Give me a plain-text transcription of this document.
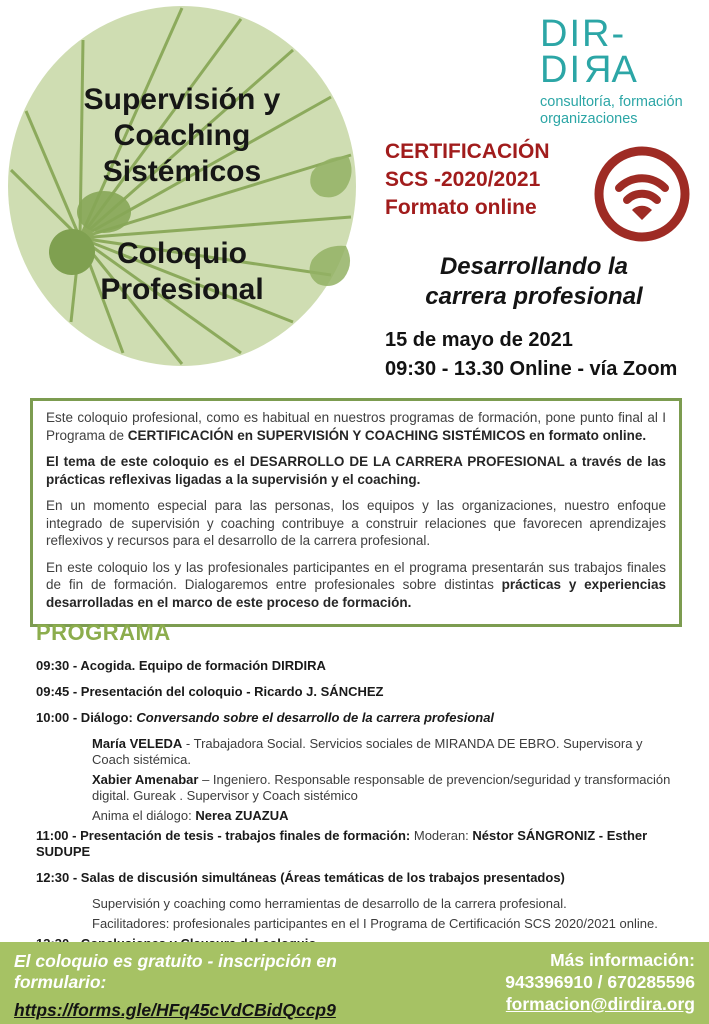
Supervisión y
Coaching
Sistémicos
Coloquio
Profesional
DIR-
DIRA
consultoría, formación
organizaciones
CERTIFICACIÓN
SCS -2020/2021
Formato online
Desarrollando la
carrera profesional
15 de mayo de 2021
09:30 - 13.30 Online - vía Zoom

Este coloquio profesional, como es habitual en nuestros programas de formación, pone punto final al I Programa de CERTIFICACIÓN en SUPERVISIÓN Y COACHING SISTÉMICOS en formato online.

El tema de este coloquio es el DESARROLLO DE LA CARRERA PROFESIONAL a través de las prácticas reflexivas ligadas a la supervisión y el coaching.

En un momento especial para las personas, los equipos y las organizaciones, nuestro enfoque integrado de supervisión y coaching contribuye a construir relaciones que favorecen aprendizajes reflexivos y recursos para el desarrollo de la carrera profesional.

En este coloquio los y las profesionales participantes en el programa presentarán sus trabajos finales de fin de formación. Dialogaremos entre profesionales sobre distintas prácticas y experiencias desarrolladas en el marco de este proceso de formación.

PROGRAMA
09:30 - Acogida. Equipo de formación DIRDIRA
09:45 - Presentación del coloquio - Ricardo J. SÁNCHEZ
10:00 - Diálogo: Conversando sobre el desarrollo de la carrera profesional
María VELEDA - Trabajadora Social. Servicios sociales de MIRANDA DE EBRO. Supervisora y Coach sistémica.
Xabier Amenabar – Ingeniero. Responsable responsable de prevencion/seguridad y transformación digital. Gureak . Supervisor y Coach sistémico
Anima el diálogo: Nerea ZUAZUA
11:00 - Presentación de tesis - trabajos finales de formación: Moderan: Néstor SÁNGRONIZ - Esther SUDUPE
12:30 - Salas de discusión simultáneas (Áreas temáticas de los trabajos presentados)
Supervisión y coaching como herramientas de desarrollo de la carrera profesional.
Facilitadores: profesionales participantes en el I Programa de Certificación SCS 2020/2021 online.
El coloquio es gratuito - inscripción en formulario:
https://forms.gle/HFq45cVdCBidQccp9
Más información:
943396910 / 670285596
formacion@dirdira.org
